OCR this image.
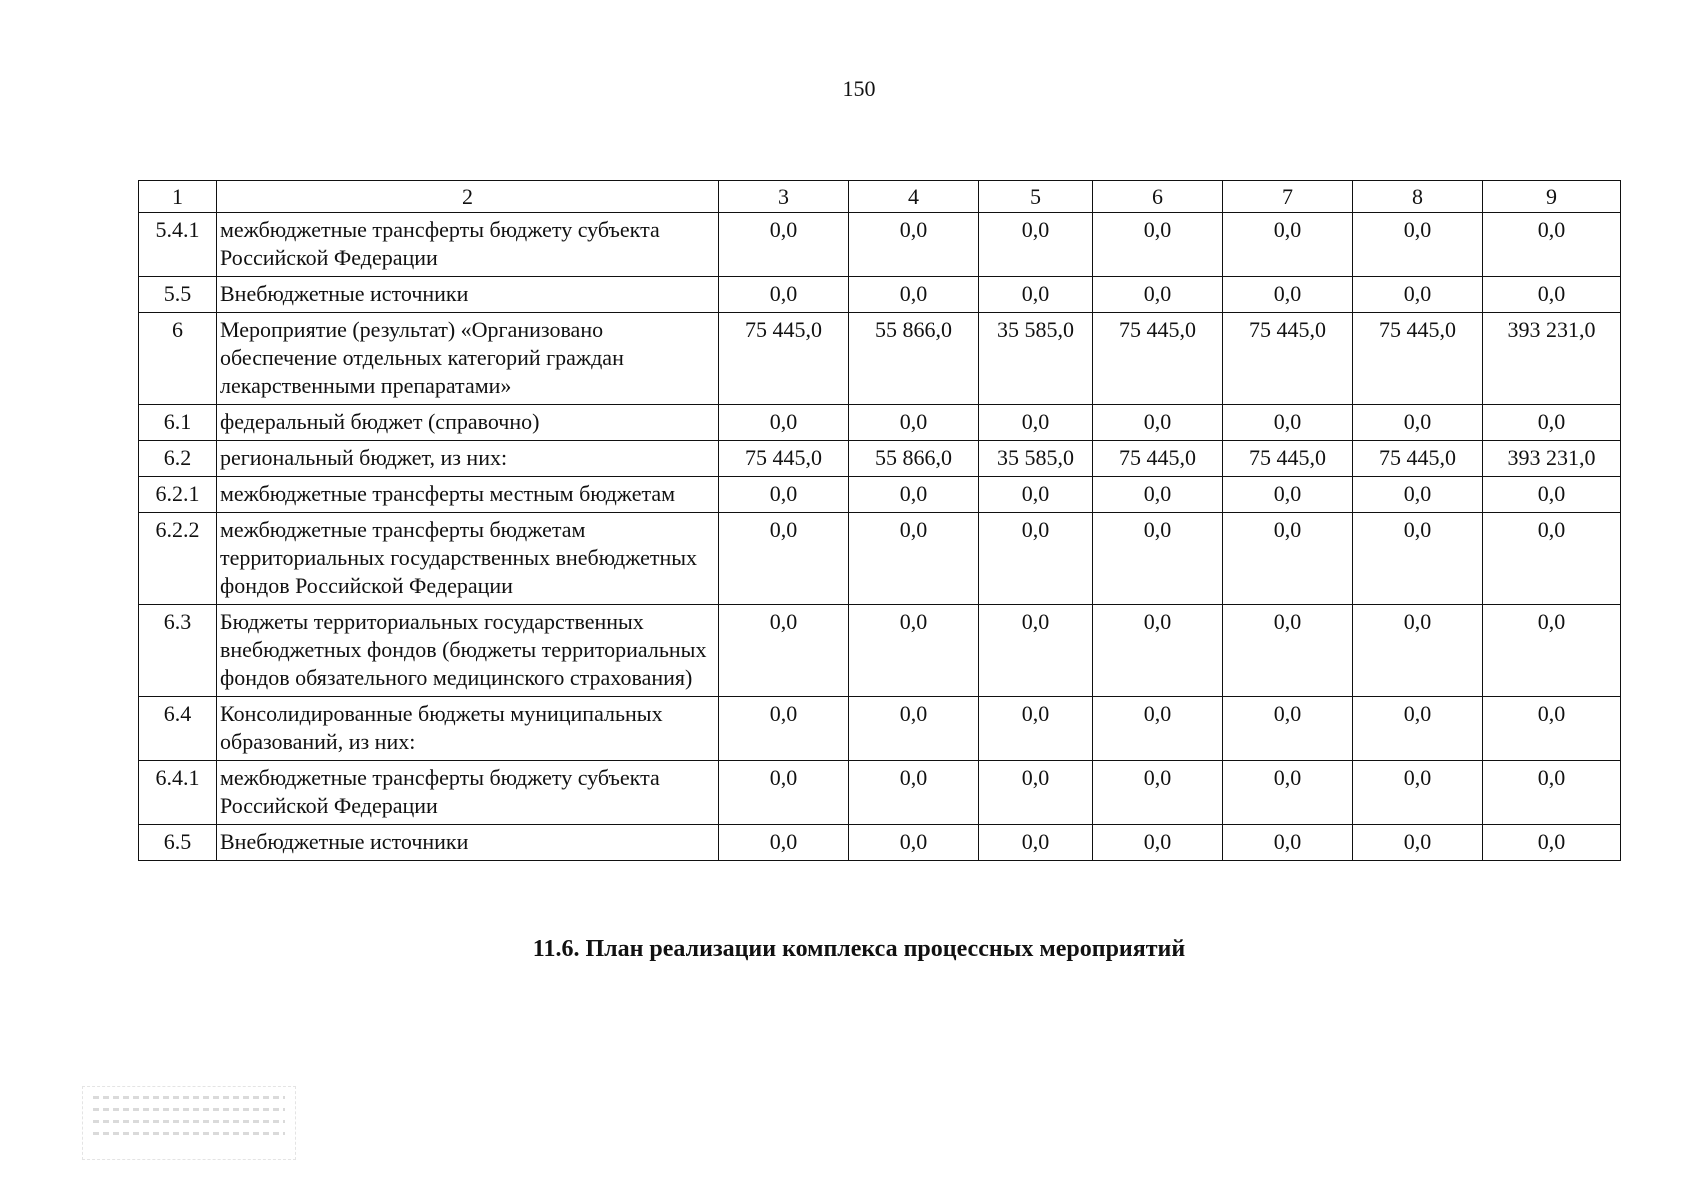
150
1	2	3	4	5	6	7	8	9
5.4.1	межбюджетные трансферты бюджету субъекта Российской Федерации	0,0	0,0	0,0	0,0	0,0	0,0	0,0
5.5	Внебюджетные источники	0,0	0,0	0,0	0,0	0,0	0,0	0,0
6	Мероприятие (результат) «Организовано обеспечение отдельных категорий граждан лекарственными препаратами»	75 445,0	55 866,0	35 585,0	75 445,0	75 445,0	75 445,0	393 231,0
6.1	федеральный бюджет (справочно)	0,0	0,0	0,0	0,0	0,0	0,0	0,0
6.2	региональный бюджет, из них:	75 445,0	55 866,0	35 585,0	75 445,0	75 445,0	75 445,0	393 231,0
6.2.1	межбюджетные трансферты местным бюджетам	0,0	0,0	0,0	0,0	0,0	0,0	0,0
6.2.2	межбюджетные трансферты бюджетам территориальных государственных внебюджетных фондов Российской Федерации	0,0	0,0	0,0	0,0	0,0	0,0	0,0
6.3	Бюджеты территориальных государственных внебюджетных фондов (бюджеты территориальных фондов обязательного медицинского страхования)	0,0	0,0	0,0	0,0	0,0	0,0	0,0
6.4	Консолидированные бюджеты муниципальных образований, из них:	0,0	0,0	0,0	0,0	0,0	0,0	0,0
6.4.1	межбюджетные трансферты бюджету субъекта Российской Федерации	0,0	0,0	0,0	0,0	0,0	0,0	0,0
6.5	Внебюджетные источники	0,0	0,0	0,0	0,0	0,0	0,0	0,0
11.6. План реализации комплекса процессных мероприятий
